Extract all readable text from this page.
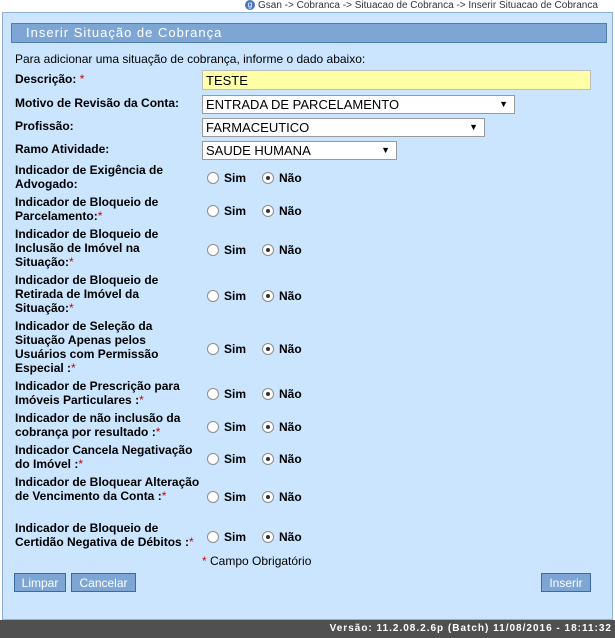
g Gsan -> Cobranca -> Situacao de Cobranca -> Inserir Situacao de Cobranca
Inserir Situação de Cobrança
Para adicionar uma situação de cobrança, informe o dado abaixo:
Descrição: *
TESTE
Motivo de Revisão da Conta:	ENTRADA DE PARCELAMENTO	▼
Profissão:	FARMACEUTICO	▼
Ramo Atividade:	SAUDE HUMANA	▼
Indicador de Exigência de Advogado:	Sim	Não
Indicador de Bloqueio de Parcelamento:*	Sim	Não
Indicador de Bloqueio de Inclusão de Imóvel na Situação:*
Sim	Não
Indicador de Bloqueio de Retirada de Imóvel da Situação:*
Sim	Não
Indicador de Seleção da Situação Apenas pelos Usuários com Permissão Especial :*
Sim	Não
Indicador de Prescrição para Imóveis Particulares :*	Sim	Não
Indicador de não inclusão da cobrança por resultado :*	Sim	Não
Indicador Cancela Negativação do Imóvel :*	Sim	Não
Indicador de Bloquear Alteração de Vencimento da Conta :*	Sim	Não
Indicador de Bloqueio de Certidão Negativa de Débitos :*	Sim	Não
* Campo Obrigatório
Limpar	Cancelar	Inserir
Versão: 11.2.08.2.6p (Batch) 11/08/2016 - 18:11:32
